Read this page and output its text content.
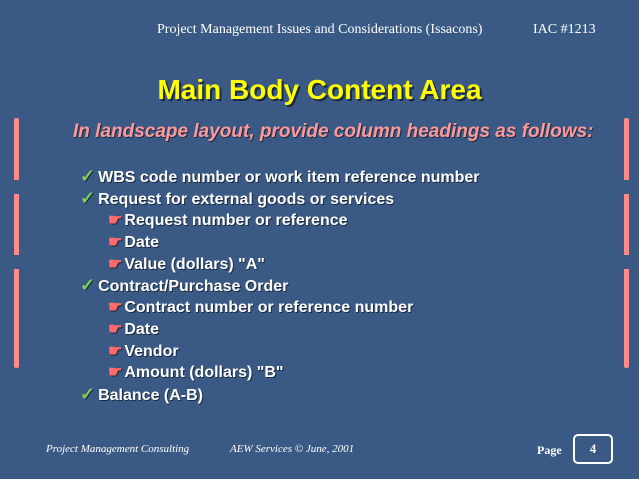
Project Management Issues and Considerations (Issacons)	IAC #1213
Main Body Content Area
In landscape layout, provide column headings as follows:
✓ WBS code number or work item reference number
✓ Request for external goods or services
☛ Request number or reference
☛ Date
☛ Value (dollars) "A"
✓ Contract/Purchase Order
☛ Contract number or reference number
☛ Date
☛ Vendor
☛ Amount (dollars) "B"
✓ Balance (A-B)
Project Management Consulting	AEW Services © June, 2001	Page	4
